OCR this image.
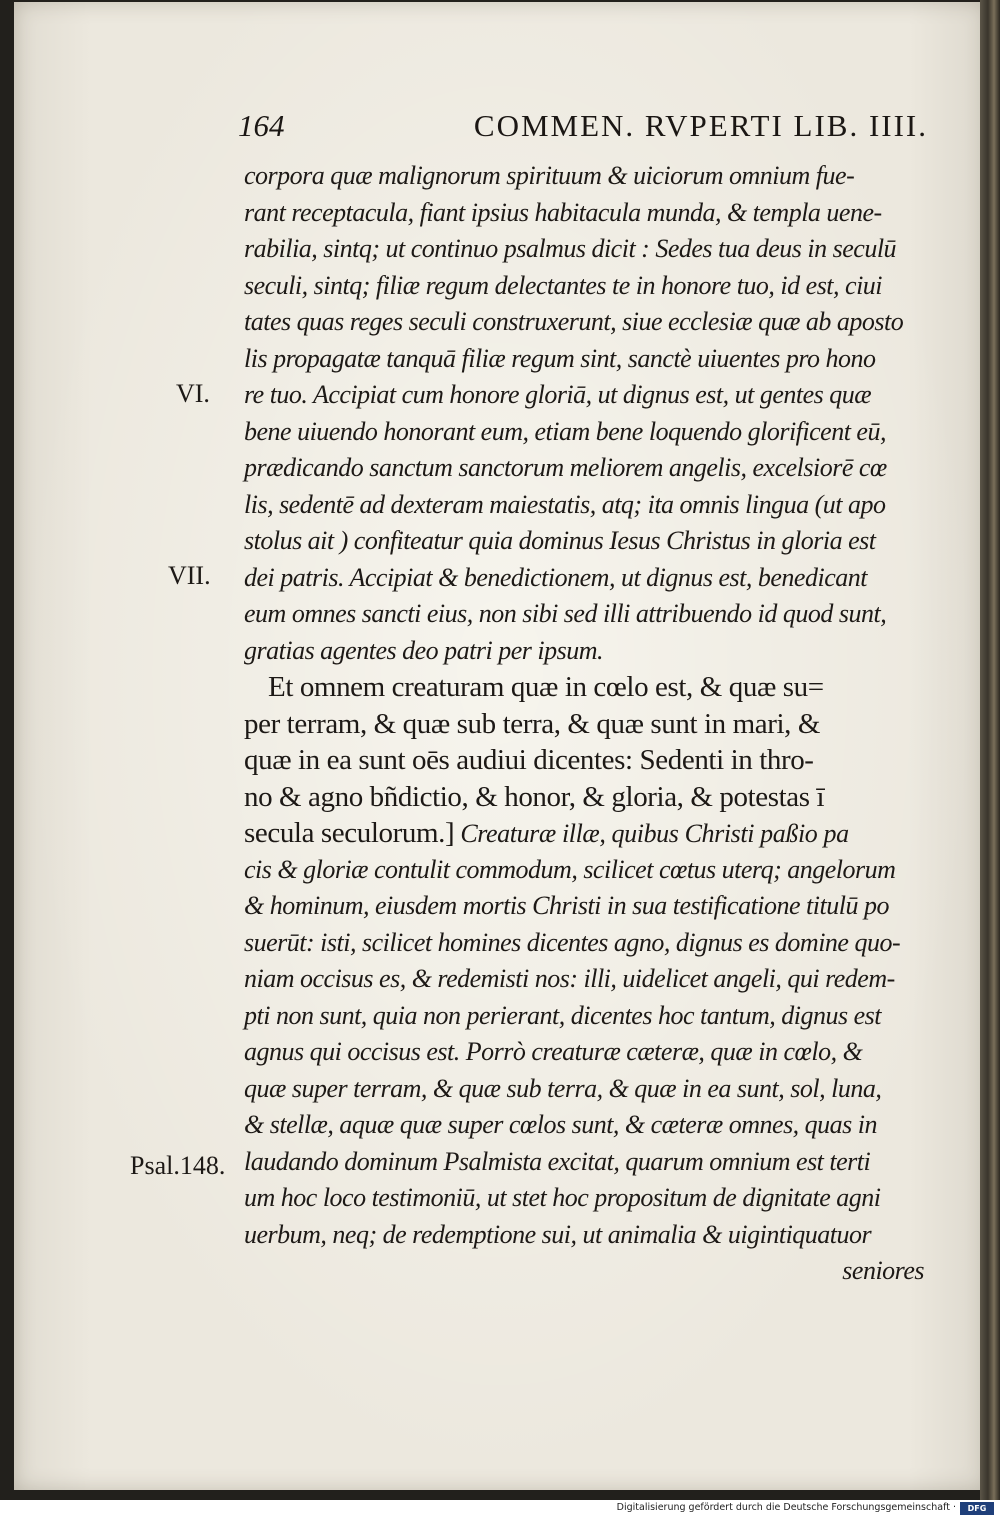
164	COMMEN. RVPERTI LIB. IIII.
VI.
VII.
Psal.148.
corpora quæ malignorum spirituum & uiciorum omnium fue-
rant receptacula, fiant ipsius habitacula munda, & templa uene-
rabilia, sintq; ut continuo psalmus dicit : Sedes tua deus in seculū
seculi, sintq; filiæ regum delectantes te in honore tuo, id est, ciui
tates quas reges seculi construxerunt, siue ecclesiæ quæ ab aposto
lis propagatæ tanquā filiæ regum sint, sanctè uiuentes pro hono
re tuo. Accipiat cum honore gloriā, ut dignus est, ut gentes quæ
bene uiuendo honorant eum, etiam bene loquendo glorificent eū,
prædicando sanctum sanctorum meliorem angelis, excelsiorē cœ
lis, sedentē ad dexteram maiestatis, atq; ita omnis lingua (ut apo
stolus ait ) confiteatur quia dominus Iesus Christus in gloria est
dei patris. Accipiat & benedictionem, ut dignus est, benedicant
eum omnes sancti eius, non sibi sed illi attribuendo id quod sunt,
gratias agentes deo patri per ipsum.
Et omnem creaturam quæ in cœlo est, & quæ su=
per terram, & quæ sub terra, & quæ sunt in mari, &
quæ in ea sunt oēs audiui dicentes: Sedenti in thro-
no & agno bñdictio, & honor, & gloria, & potestas ī
secula seculorum.] Creaturæ illæ, quibus Christi paßio pa
cis & gloriæ contulit commodum, scilicet cœtus uterq; angelorum
& hominum, eiusdem mortis Christi in sua testificatione titulū po
suerūt: isti, scilicet homines dicentes agno, dignus es domine quo-
niam occisus es, & redemisti nos: illi, uidelicet angeli, qui redem-
pti non sunt, quia non perierant, dicentes hoc tantum, dignus est
agnus qui occisus est. Porrò creaturæ cæteræ, quæ in cœlo, &
quæ super terram, & quæ sub terra, & quæ in ea sunt, sol, luna,
& stellæ, aquæ quæ super cœlos sunt, & cæteræ omnes, quas in
laudando dominum Psalmista excitat, quarum omnium est terti
um hoc loco testimoniū, ut stet hoc propositum de dignitate agni
uerbum, neq; de redemptione sui, ut animalia & uigintiquatuor
seniores
Digitalisierung gefördert durch die Deutsche Forschungsgemeinschaft ·	DFG
